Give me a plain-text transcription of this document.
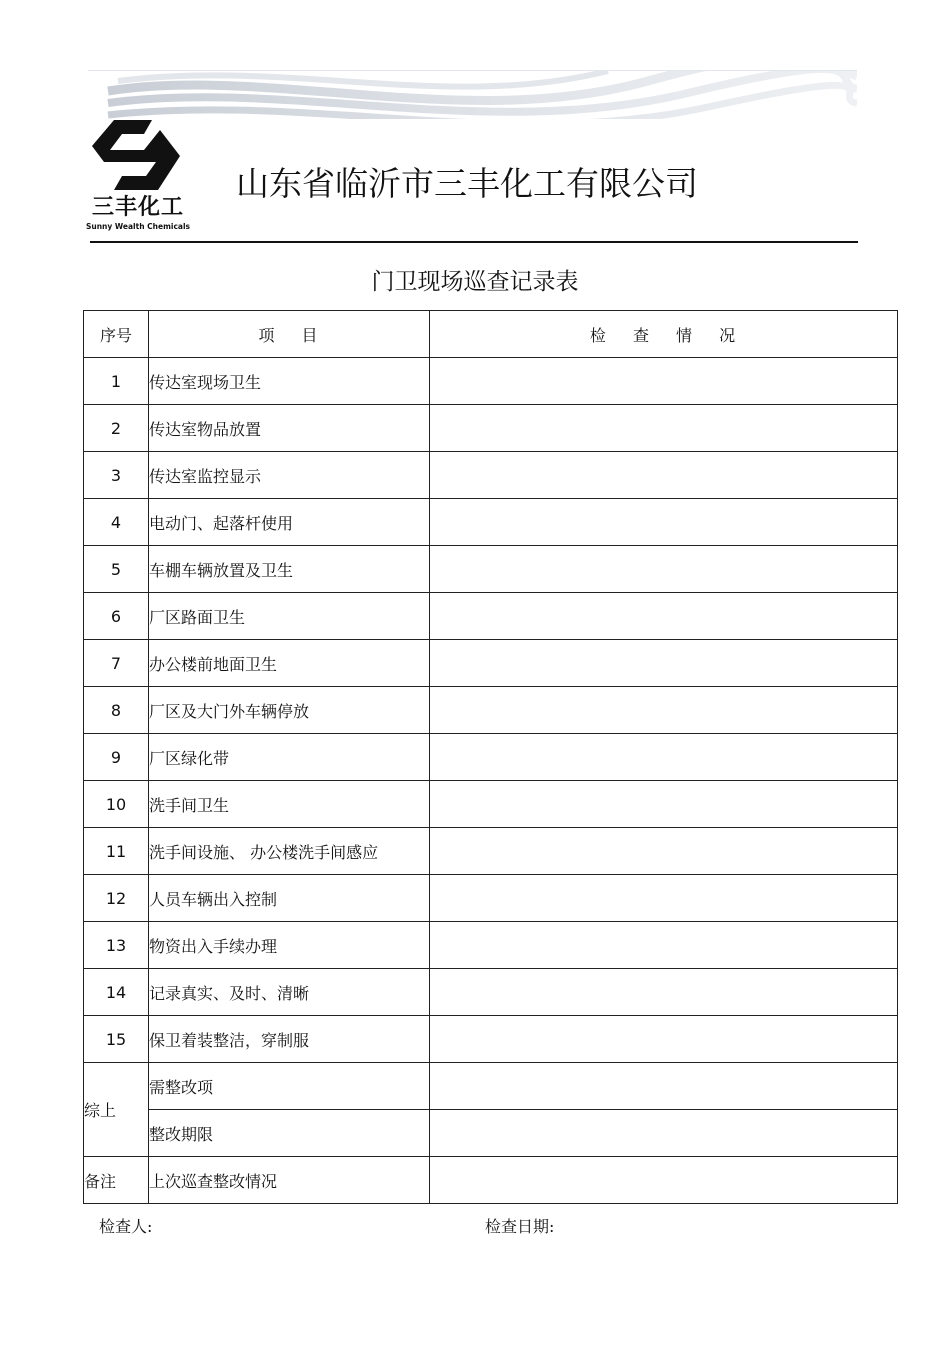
三丰化工
Sunny Wealth Chemicals
山东省临沂市三丰化工有限公司
门卫现场巡查记录表
序号	项　 目	检　 查　 情　 况
1	传达室现场卫生	
2	传达室物品放置	
3	传达室监控显示	
4	电动门、起落杆使用	
5	车棚车辆放置及卫生	
6	厂区路面卫生	
7	办公楼前地面卫生	
8	厂区及大门外车辆停放	
9	厂区绿化带	
10	洗手间卫生	
11	洗手间设施、 办公楼洗手间感应	
12	人员车辆出入控制	
13	物资出入手续办理	
14	记录真实、及时、清晰	
15	保卫着装整洁，穿制服	
综上	需整改项	
	整改期限	
备注	上次巡查整改情况	
检查人:	检查日期:
